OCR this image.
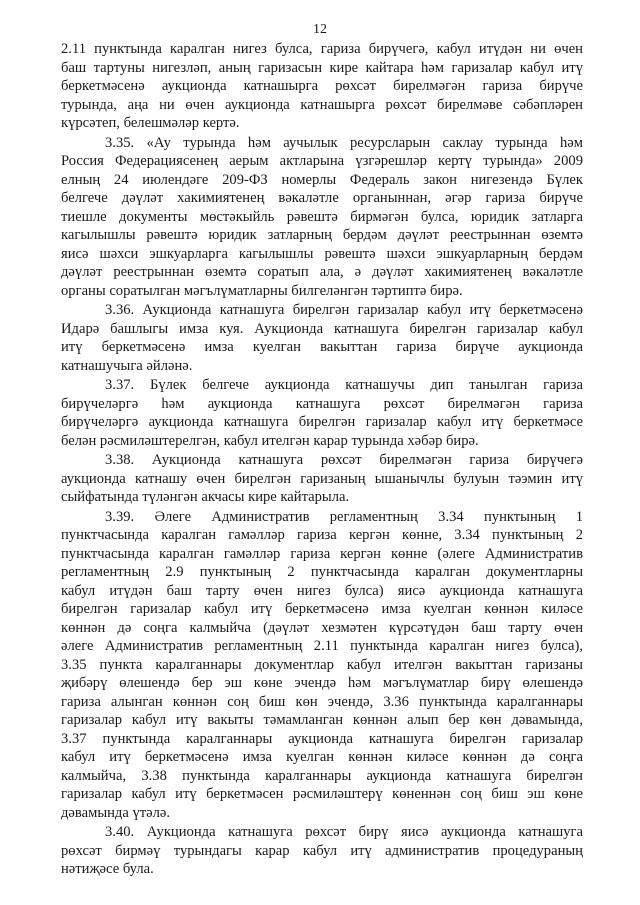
12
2.11 пунктында каралган нигез булса, гариза бирүчегә, кабул итүдән ни өчен
баш тартуны нигезләп, аның гаризасын кире кайтара һәм гаризалар кабул итү
беркетмәсенә аукционда катнашырга рөхсәт бирелмәгән гариза бирүче
турында, аңа ни өчен аукционда катнашырга рөхсәт бирелмәве сәбәпләрен
күрсәтеп, белешмәләр кертә.
3.35. «Ау турында һәм аучылык ресурсларын саклау турында һәм
Россия Федерациясенең аерым актларына үзгәрешләр кертү турында» 2009
елның 24 июлендәге 209-ФЗ номерлы Федераль закон нигезендә Бүлек
белгече дәүләт хакимиятенең вәкаләтле органыннан, әгәр гариза бирүче
тиешле документы мөстәкыйль рәвештә бирмәгән булса, юридик затларга
кагылышлы рәвештә юридик затларның бердәм дәүләт реестрыннан өземтә
яисә шәхси эшкуарларга кагылышлы рәвештә шәхси эшкуарларның бердәм
дәүләт реестрыннан өземтә соратып ала, ә дәүләт хакимиятенең вәкаләтле
органы соратылган мәгълүматларны билгеләнгән тәртиптә бирә.
3.36. Аукционда катнашуга бирелгән гаризалар кабул итү беркетмәсенә
Идарә башлыгы имза куя. Аукционда катнашуга бирелгән гаризалар кабул
итү беркетмәсенә имза куелган вакыттан гариза бирүче аукционда
катнашучыга әйләнә.
3.37. Бүлек белгече аукционда катнашучы дип танылган гариза
бирүчеләргә һәм аукционда катнашуга рөхсәт бирелмәгән гариза
бирүчеләргә аукционда катнашуга бирелгән гаризалар кабул итү беркетмәсе
белән рәсмиләштерелгән, кабул ителгән карар турында хәбәр бирә.
3.38. Аукционда катнашуга рөхсәт бирелмәгән гариза бирүчегә
аукционда катнашу өчен бирелгән гаризаның ышанычлы булуын тәэмин итү
сыйфатында түләнгән акчасы кире кайтарыла.
3.39. Әлеге Административ регламентның 3.34 пунктының 1
пунктчасында каралган гамәлләр гариза кергән көнне, 3.34 пунктының 2
пунктчасында каралган гамәлләр гариза кергән көнне (әлеге Административ
регламентның 2.9 пунктының 2 пунктчасында каралган документларны
кабул итүдән баш тарту өчен нигез булса) яисә аукционда катнашуга
бирелгән гаризалар кабул итү беркетмәсенә имза куелган көннән киләсе
көннән дә соңга калмыйча (дәүләт хезмәтен күрсәтүдән баш тарту өчен
әлеге Административ регламентның 2.11 пунктында каралган нигез булса),
3.35 пункта каралганнары документлар кабул ителгән вакыттан гаризаны
җибәрү өлешендә бер эш көне эчендә һәм мәгълүматлар бирү өлешендә
гариза алынган көннән соң биш көн эчендә, 3.36 пунктында каралганнары
гаризалар кабул итү вакыты тәмамланган көннән алып бер көн дәвамында,
3.37 пунктында каралганнары аукционда катнашуга бирелгән гаризалар
кабул итү беркетмәсенә имза куелган көннән киләсе көннән дә соңга
калмыйча, 3.38 пунктында каралганнары аукционда катнашуга бирелгән
гаризалар кабул итү беркетмәсен рәсмиләштерү көненнән соң биш эш көне
дәвамында үтәлә.
3.40. Аукционда катнашуга рөхсәт бирү яисә аукционда катнашуга
рөхсәт бирмәү турындагы карар кабул итү административ процедураның
нәтиҗәсе була.
